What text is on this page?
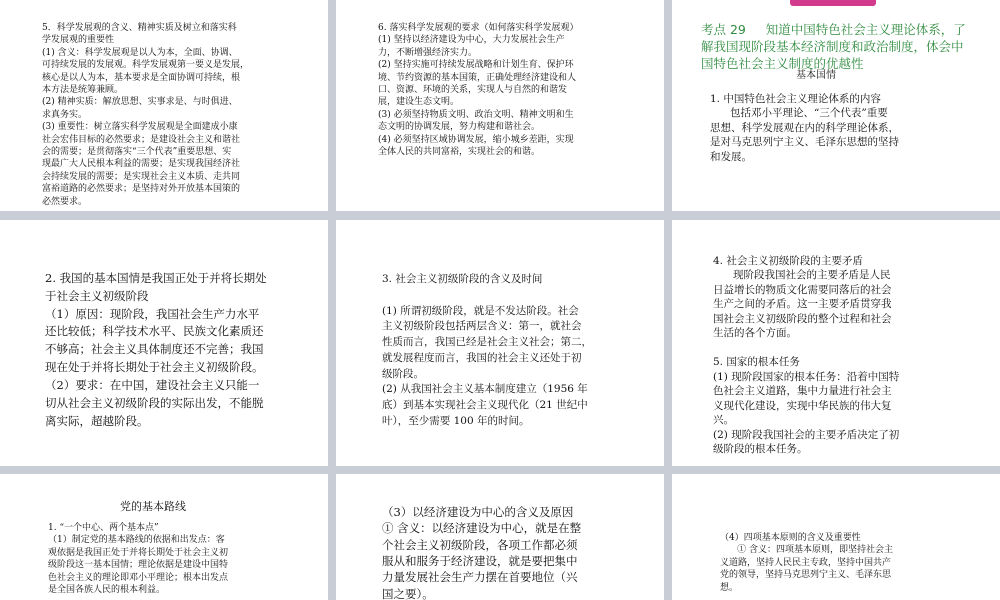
5．科学发展观的含义、精神实质及树立和落实科
学发展观的重要性
(1) 含义：科学发展观是以人为本，全面、协调、
可持续发展的发展观。科学发展观第一要义是发展，
核心是以人为本，基本要求是全面协调可持续，根
本方法是统筹兼顾。
(2) 精神实质：解放思想、实事求是、与时俱进、
求真务实。
(3) 重要性：树立落实科学发展观是全面建成小康
社会宏伟目标的必然要求；是建设社会主义和谐社
会的需要；是贯彻落实“三个代表”重要思想、实
现最广大人民根本利益的需要；是实现我国经济社
会持续发展的需要；是实现社会主义本质、走共同
富裕道路的必然要求；是坚持对外开放基本国策的
必然要求。
6. 落实科学发展观的要求（如何落实科学发展观）
(1) 坚持以经济建设为中心，大力发展社会生产
力，不断增强经济实力。
(2) 坚持实施可持续发展战略和计划生育、保护环
境、节约资源的基本国策，正确处理经济建设和人
口、资源、环境的关系，实现人与自然的和谐发
展，建设生态文明。
(3) 必须坚持物质文明、政治文明、精神文明和生
态文明的协调发展，努力构建和谐社会。
(4) 必须坚持区域协调发展，缩小城乡差距，实现
全体人民的共同富裕，实现社会的和谐。
考点 29     知道中国特色社会主义理论体系，了
解我国现阶段基本经济制度和政治制度，体会中
国特色社会主义制度的优越性
基本国情
1. 中国特色社会主义理论体系的内容
包括邓小平理论、“三个代表”重要
思想、科学发展观在内的科学理论体系，
是对马克思列宁主义、毛泽东思想的坚持
和发展。
2. 我国的基本国情是我国正处于并将长期处
于社会主义初级阶段
（1）原因：现阶段，我国社会生产力水平
还比较低；科学技术水平、民族文化素质还
不够高；社会主义具体制度还不完善；我国
现在处于并将长期处于社会主义初级阶段。
（2）要求：在中国，建设社会主义只能一
切从社会主义初级阶段的实际出发，不能脱
离实际，超越阶段。
3. 社会主义初级阶段的含义及时间

(1) 所谓初级阶段，就是不发达阶段。社会
主义初级阶段包括两层含义：第一，就社会
性质而言，我国已经是社会主义社会；第二，
就发展程度而言，我国的社会主义还处于初
级阶段。
(2) 从我国社会主义基本制度建立（1956 年
底）到基本实现社会主义现代化（21 世纪中
叶），至少需要 100 年的时间。
4. 社会主义初级阶段的主要矛盾
现阶段我国社会的主要矛盾是人民
日益增长的物质文化需要同落后的社会
生产之间的矛盾。这一主要矛盾贯穿我
国社会主义初级阶段的整个过程和社会
生活的各个方面。

5. 国家的根本任务
(1) 现阶段国家的根本任务：沿着中国特
色社会主义道路，集中力量进行社会主
义现代化建设，实现中华民族的伟大复
兴。
(2) 现阶段我国社会的主要矛盾决定了初
级阶段的根本任务。
党的基本路线
1. “一个中心、两个基本点”
（1）制定党的基本路线的依据和出发点：客
观依据是我国正处于并将长期处于社会主义初
级阶段这一基本国情；理论依据是建设中国特
色社会主义的理论即邓小平理论；根本出发点
是全国各族人民的根本利益。
（3）以经济建设为中心的含义及原因
① 含义：以经济建设为中心，就是在整
个社会主义初级阶段，各项工作都必须
服从和服务于经济建设，就是要把集中
力量发展社会生产力摆在首要地位（兴
国之要）。
（4）四项基本原则的含义及重要性
① 含义：四项基本原则，即坚持社会主
义道路，坚持人民民主专政，坚持中国共产
党的领导，坚持马克思列宁主义、毛泽东思
想。
